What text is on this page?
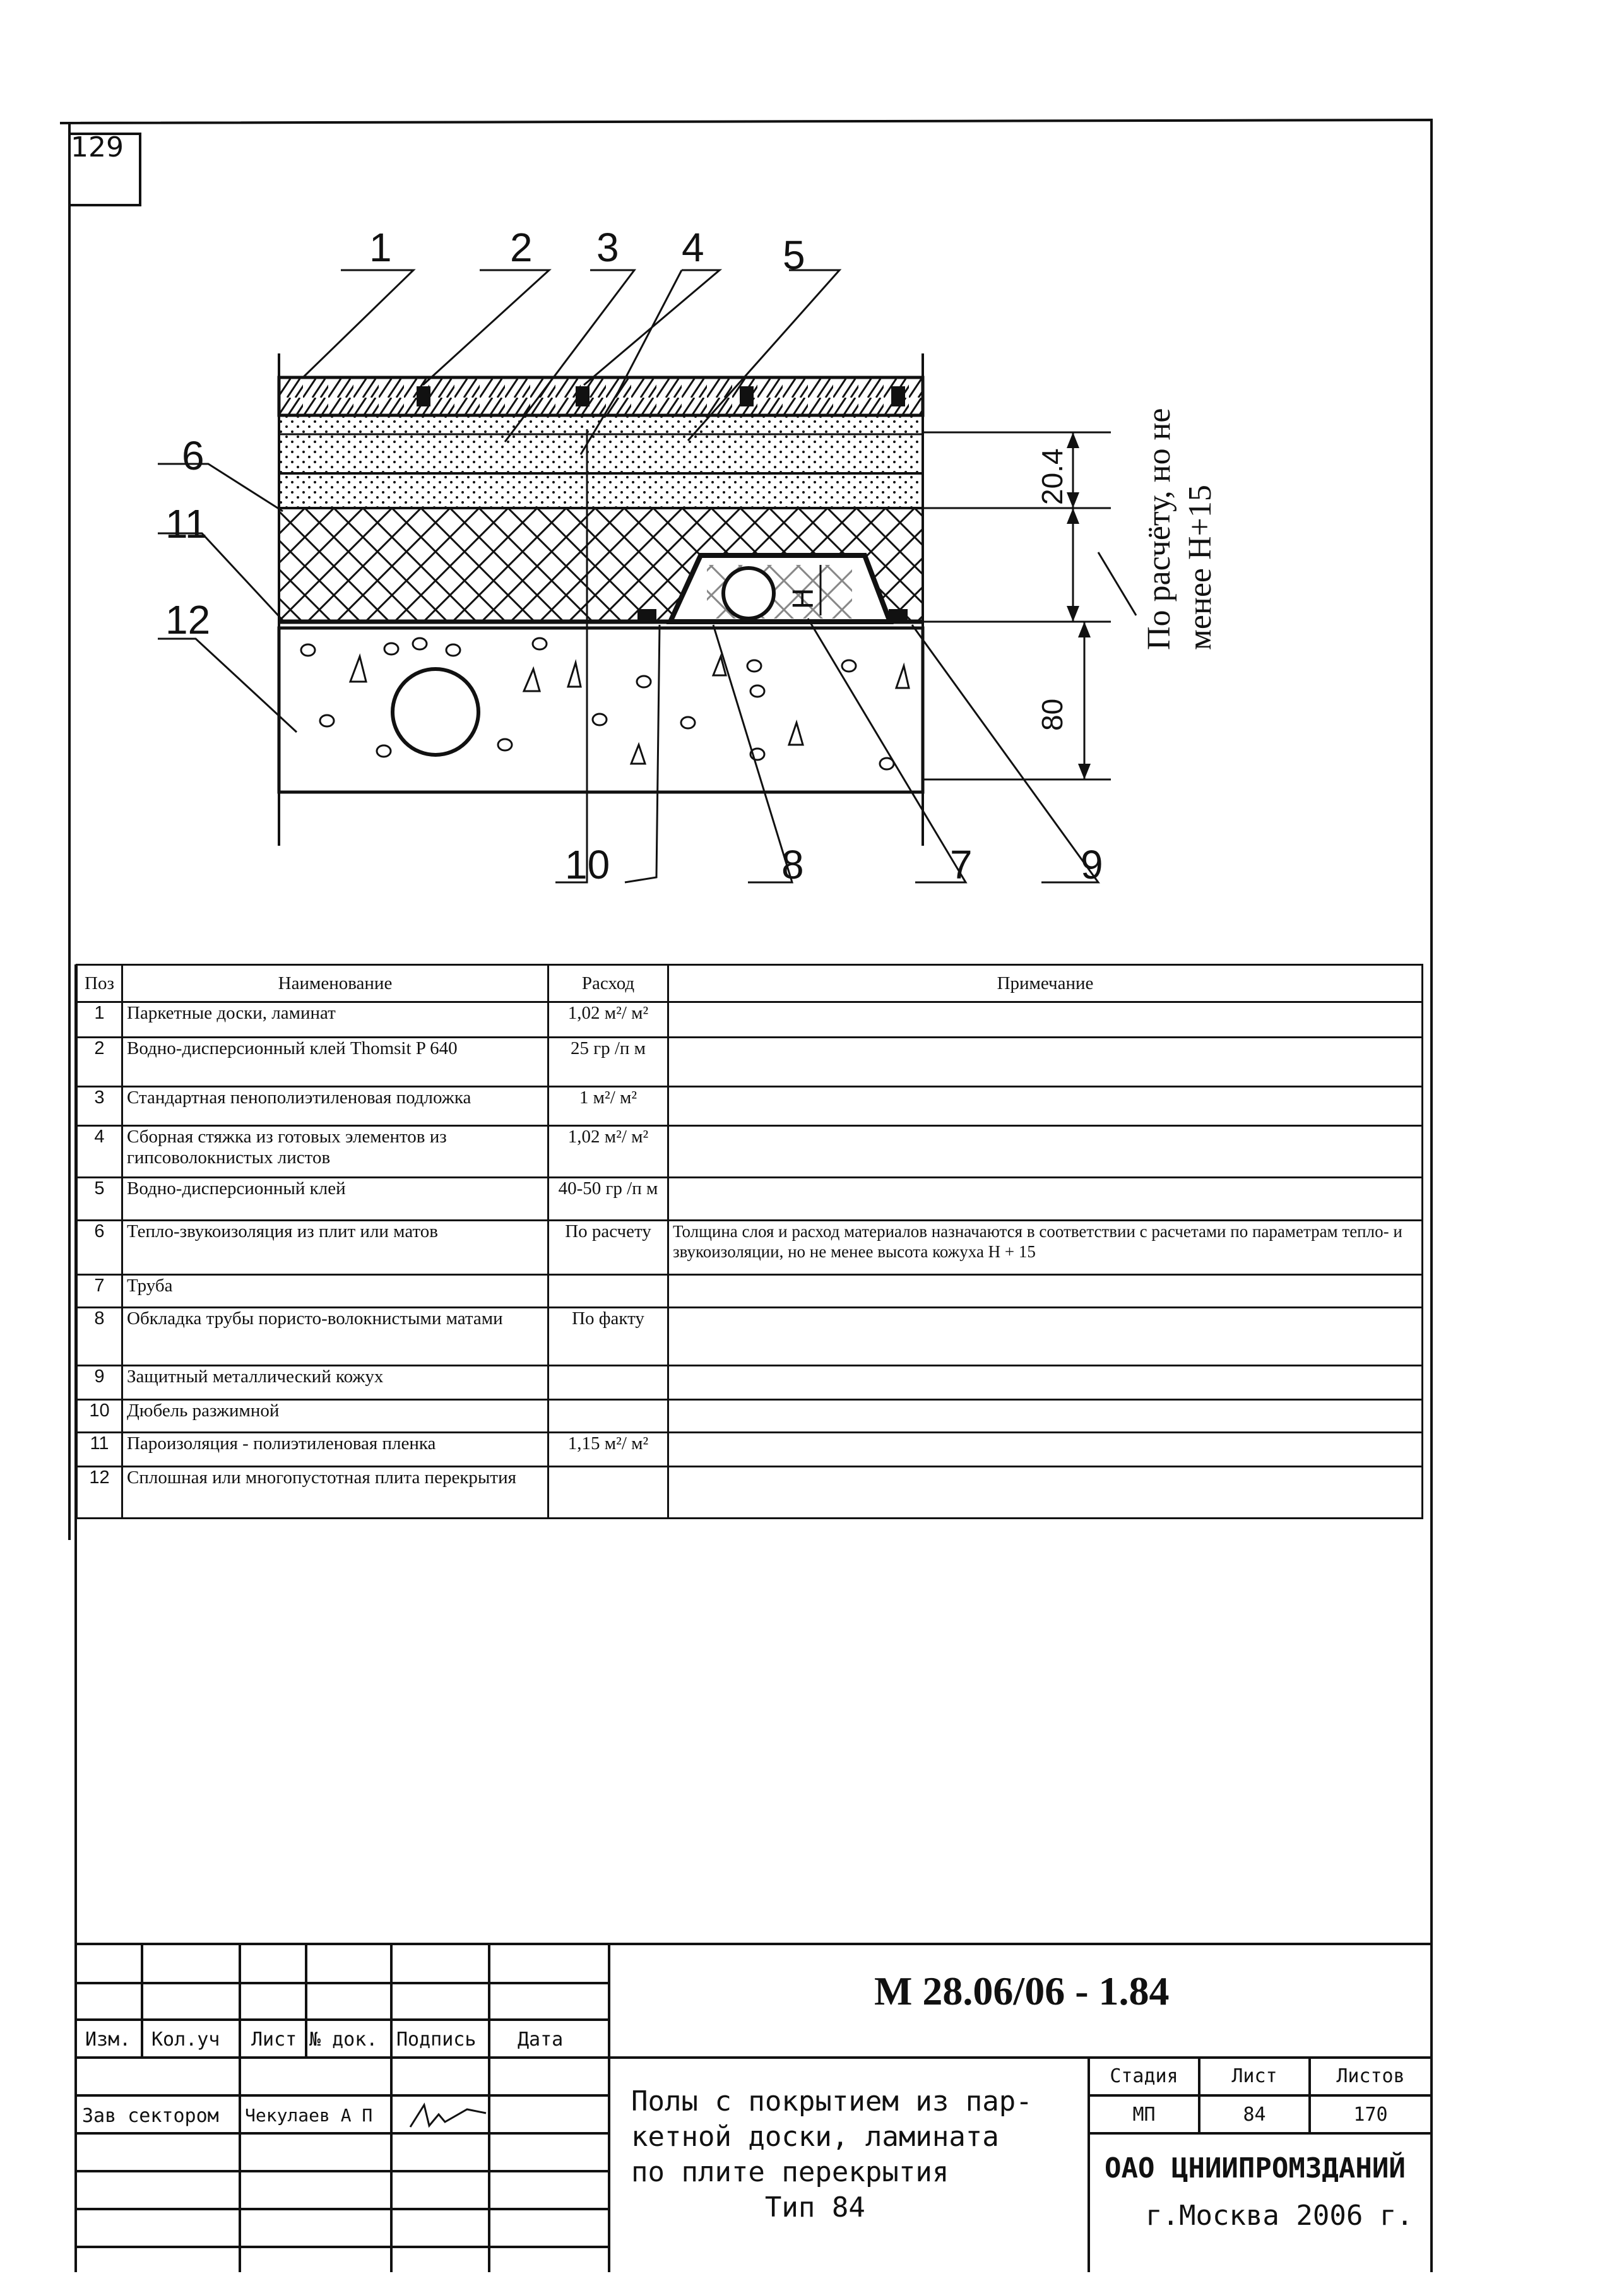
129
1	2 3 4 5
6
11
12
10	8	7	9
20.4
H
80
По расчёту, но не менее H+15
Поз	Наименование	Расход	Примечание
1	Паркетные доски, ламинат	1,02 м²/ м²	
2	Водно-дисперсионный клей Thomsit P 640	25 гр /п м	
3	Стандартная пенополиэтиленовая подложка	1 м²/ м²	
4	Сборная стяжка из готовых элементов из гипсоволокнистых листов	1,02 м²/ м²	
5	Водно-дисперсионный клей	40-50 гр /п м	
6	Тепло-звукоизоляция из плит или матов	По расчету	Толщина слоя и расход материалов назначаются в соответствии с расчетами по параметрам тепло- и звукоизоляции, но не менее высота кожуха H + 15
7	Труба		
8	Обкладка трубы пористо-волокнистыми матами	По факту	
9	Защитный металлический кожух		
10	Дюбель разжимной		
11	Пароизоляция - полиэтиленовая пленка	1,15 м²/ м²	
12	Сплошная или многопустотная плита перекрытия		
М 28.06/06 - 1.84
Изм. Кол.уч Лист № док. Подпись Дата
Зав сектором Чекулаев А П	Полы с покрытием из пар-
кетной доски, ламината
по плите перекрытия
Тип 84
Стадия	Лист	Листов
МП	84	170
ОАО ЦНИИПРОМЗДАНИЙ
г.Москва 2006 г.
